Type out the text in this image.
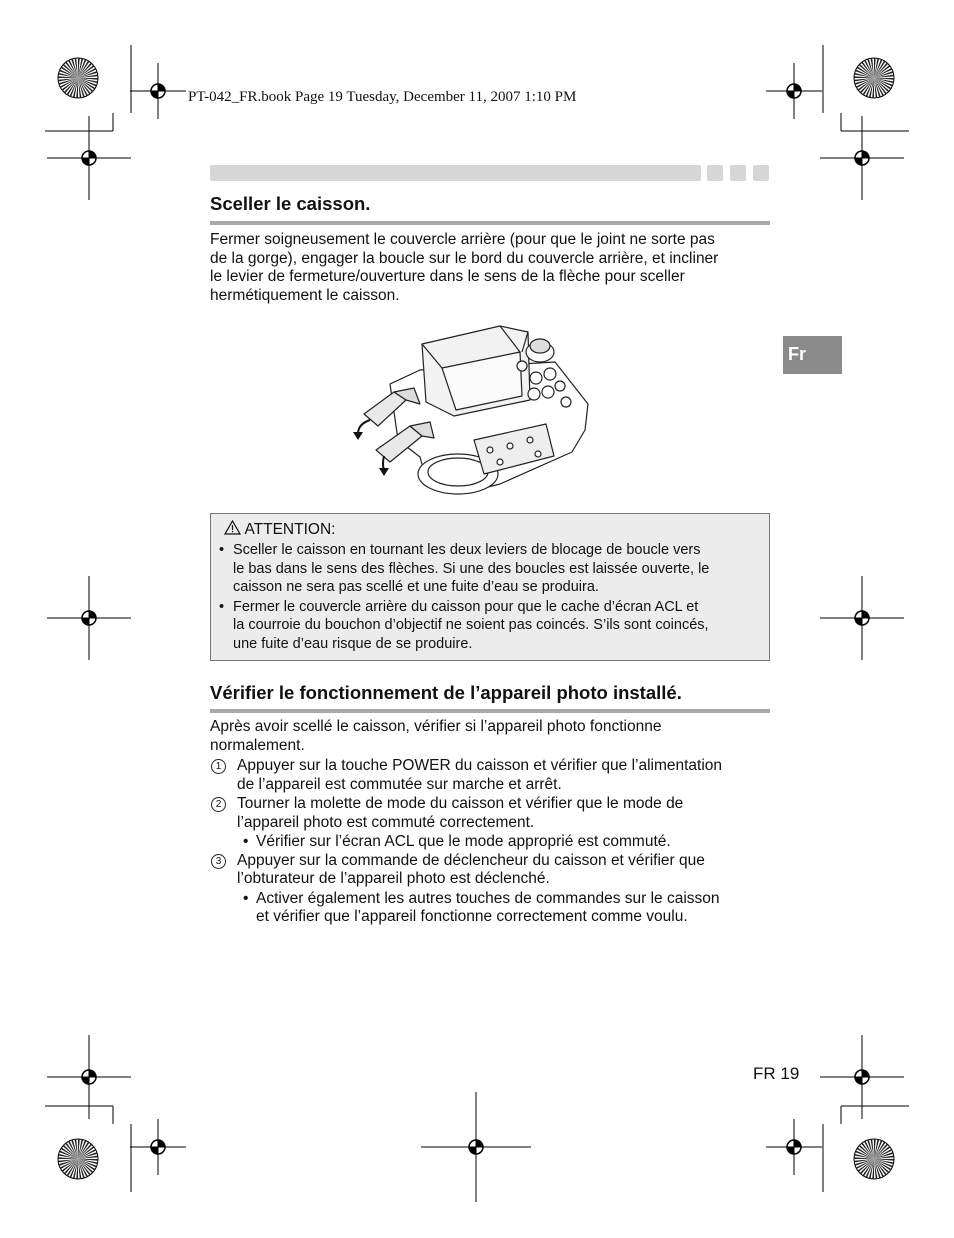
PT-042_FR.book Page 19 Tuesday, December 11, 2007 1:10 PM
Fr
Sceller le caisson.

Fermer soigneusement le couvercle arrière (pour que le joint ne sorte pas

de la gorge), engager la boucle sur le bord du couvercle arrière, et incliner

le levier de fermeture/ouverture dans le sens de la flèche pour sceller

hermétiquement le caisson.

ATTENTION:
• Sceller le caisson en tournant les deux leviers de blocage de boucle vers
le bas dans le sens des flèches. Si une des boucles est laissée ouverte, le
caisson ne sera pas scellé et une fuite d’eau se produira.
• Fermer le couvercle arrière du caisson pour que le cache d’écran ACL et
la courroie du bouchon d’objectif ne soient pas coincés. S’ils sont coincés,
une fuite d’eau risque de se produire.
Vérifier le fonctionnement de l’appareil photo installé.

Après avoir scellé le caisson, vérifier si l’appareil photo fonctionne

normalement.

1	Appuyer sur la touche POWER du caisson et vérifier que l’alimentation
de l’appareil est commutée sur marche et arrêt.
2	Tourner la molette de mode du caisson et vérifier que le mode de
l’appareil photo est commuté correctement.
• Vérifier sur l’écran ACL que le mode approprié est commuté.
3	Appuyer sur la commande de déclencheur du caisson et vérifier que
l’obturateur de l’appareil photo est déclenché.
• Activer également les autres touches de commandes sur le caisson
et vérifier que l’appareil fonctionne correctement comme voulu.
FR 19
